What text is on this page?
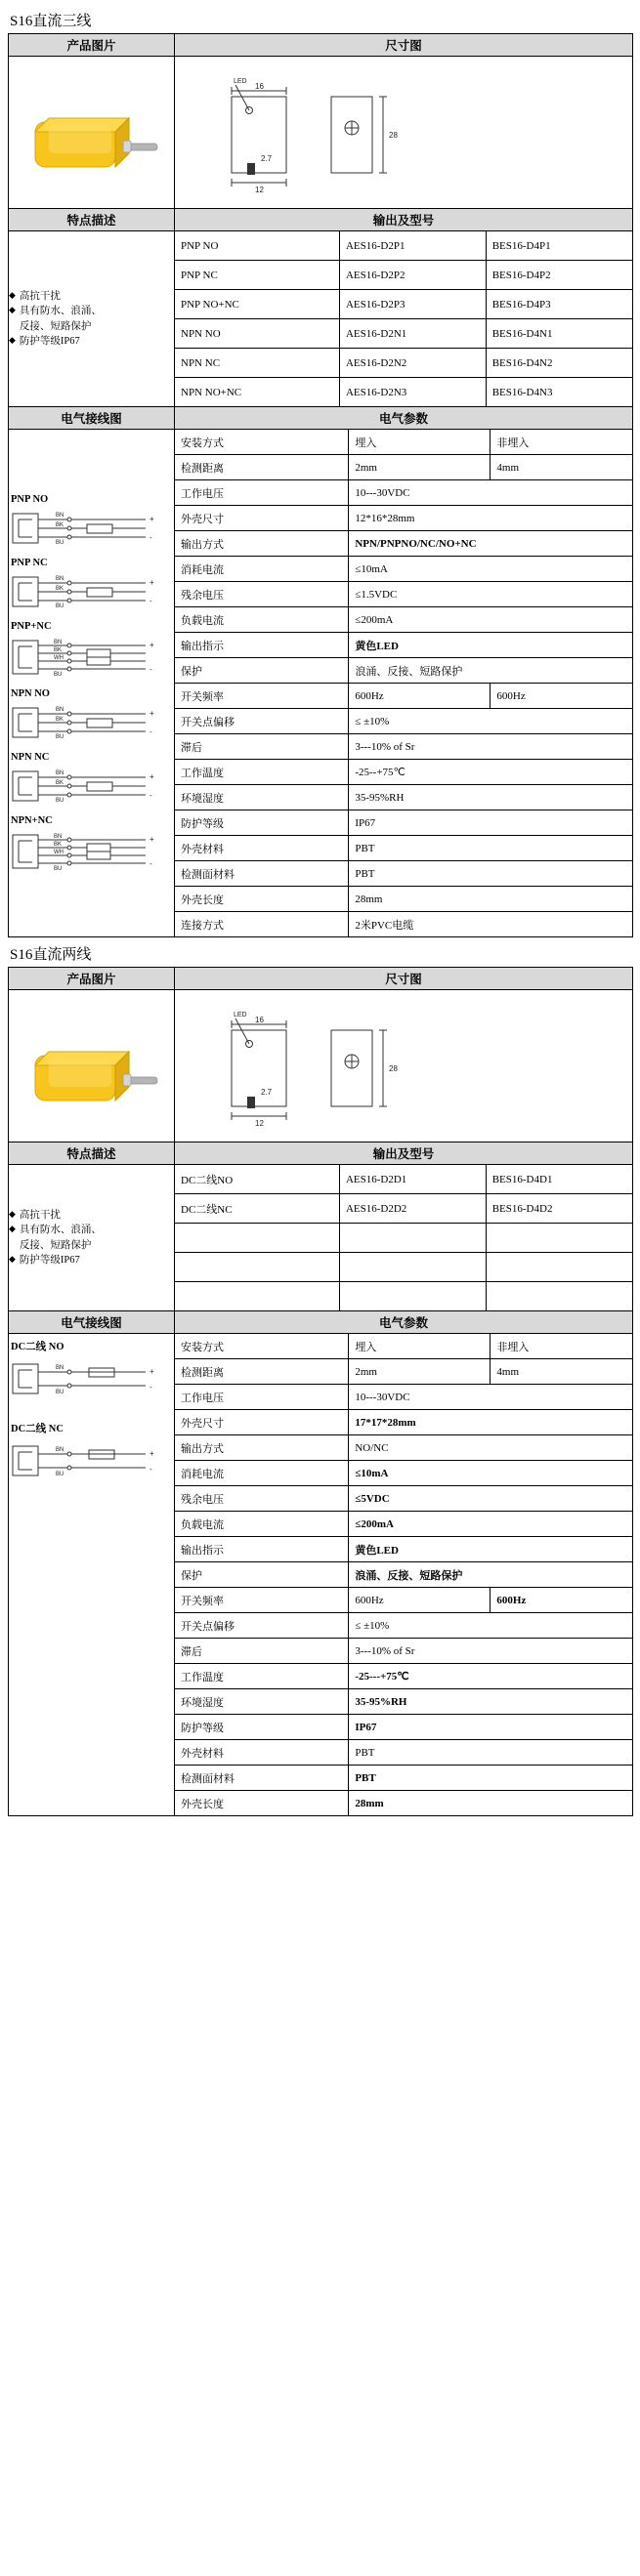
S16直流三线
产品图片	尺寸图

LED
16
28
2.7
12

特点描述	输出及型号

◆ 高抗干扰
◆ 具有防水、浪涌、
反接、短路保护
◆ 防护等级IP67

PNP NO	AES16-D2P1	BES16-D4P1
PNP NC	AES16-D2P2	BES16-D4P2
PNP NO+NC	AES16-D2P3	BES16-D4P3
NPN NO	AES16-D2N1	BES16-D4N1
NPN NC	AES16-D2N2	BES16-D4N2
NPN NO+NC	AES16-D2N3	BES16-D4N3

电气接线图	电气参数

PNP NO
BN
BK
BU
+
-
PNP NC
BN
BK
BU
+
-
PNP+NC
BN
BK
WH
BU
+
-
NPN NO
BN
BK
BU
+
-
NPN NC
BN
BK
BU
+
-
NPN+NC
BN
BK
WH
BU
+
-

安装方式	埋入	非埋入
检测距离	2mm	4mm
工作电压	10---30VDC
外壳尺寸	12*16*28mm
输出方式	NPN/PNPNO/NC/NO+NC
消耗电流	≤10mA
残余电压	≤1.5VDC
负载电流	≤200mA
输出指示	黄色LED
保护	浪涌、反接、短路保护
开关频率	600Hz	600Hz
开关点偏移	≤ ±10%
滞后	3---10% of Sr
工作温度	-25--+75℃
环境湿度	35-95%RH
防护等级	IP67
外壳材料	PBT
检测面材料	PBT
外壳长度	28mm
连接方式	2米PVC电缆
S16直流两线
产品图片	尺寸图

LED
16
28
2.7
12

特点描述	输出及型号

◆ 高抗干扰
◆ 具有防水、浪涌、
反接、短路保护
◆ 防护等级IP67

DC二线NO	AES16-D2D1	BES16-D4D1
DC二线NC	AES16-D2D2	BES16-D4D2

电气接线图	电气参数

DC二线 NO
BN
BU
+
-
DC二线 NC
BN
BU
+
-

安装方式	埋入	非埋入
检测距离	2mm	4mm
工作电压	10---30VDC
外壳尺寸	17*17*28mm
输出方式	NO/NC
消耗电流	≤10mA
残余电压	≤5VDC
负载电流	≤200mA
输出指示	黄色LED
保护	浪涌、反接、短路保护
开关频率	600Hz	600Hz
开关点偏移	≤ ±10%
滞后	3---10% of Sr
工作温度	-25---+75℃
环境湿度	35-95%RH
防护等级	IP67
外壳材料	PBT
检测面材料	PBT
外壳长度	28mm
